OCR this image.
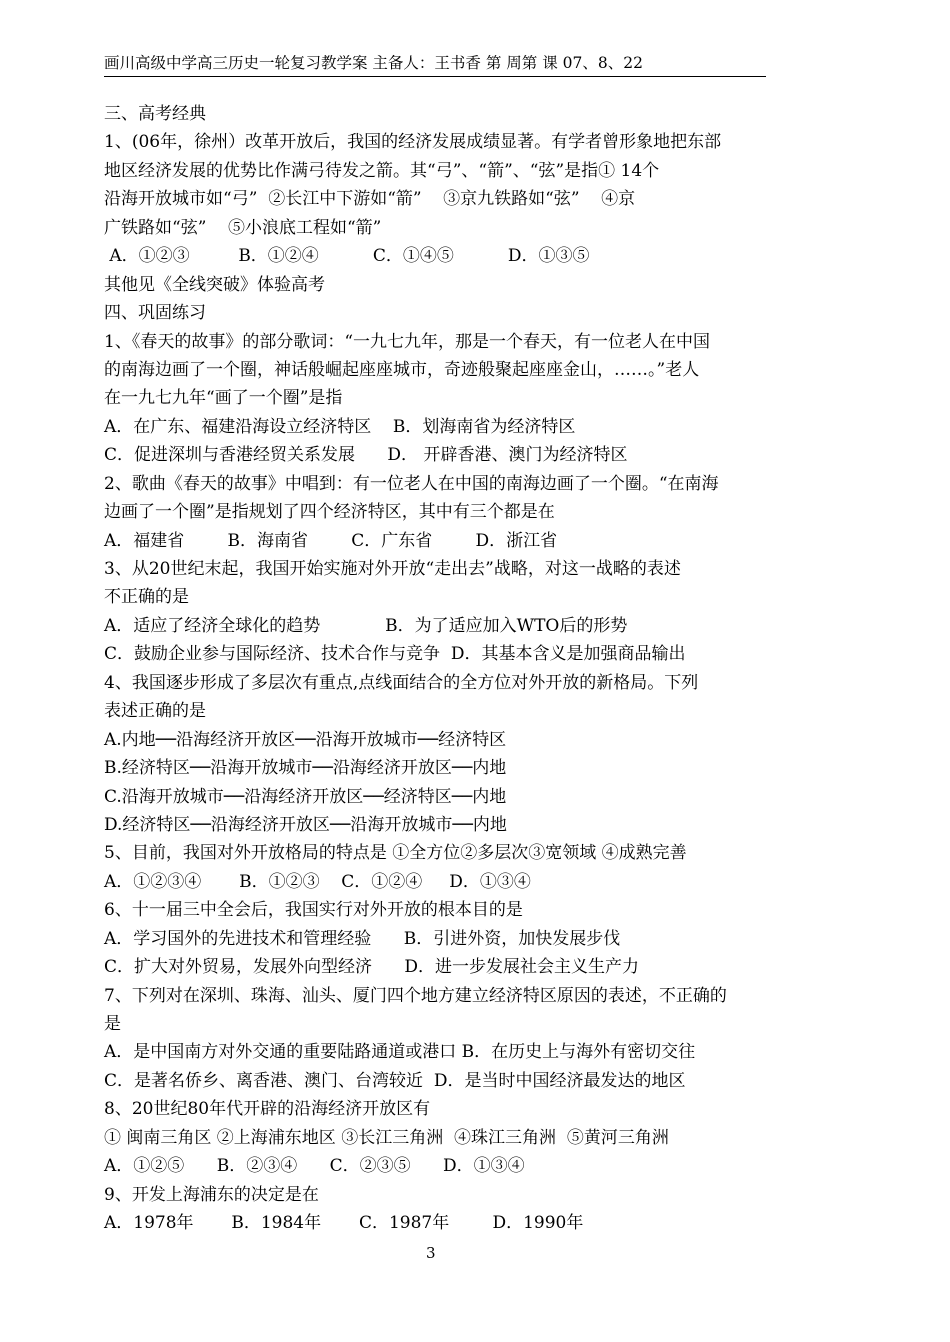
画川高级中学高三历史一轮复习教学案 主备人：王书香 第 周第 课 07、8、22
三、高考经典
1、(06年，徐州）改革开放后，我国的经济发展成绩显著。有学者曾形象地把东部
地区经济发展的优势比作满弓待发之箭。其“弓”、“箭”、“弦”是指① 14个
沿海开放城市如“弓”  ②长江中下游如“箭”    ③京九铁路如“弦”    ④京
广铁路如“弦”    ⑤小浪底工程如“箭”
A．①②③         B．①②④          C．①④⑤          D．①③⑤
其他见《全线突破》体验高考
四、巩固练习
1、《春天的故事》的部分歌词：“一九七九年，那是一个春天，有一位老人在中国
的南海边画了一个圈，神话般崛起座座城市，奇迹般聚起座座金山，……。”老人
在一九七九年“画了一个圈”是指
A．在广东、福建沿海设立经济特区    B．划海南省为经济特区
C．促进深圳与香港经贸关系发展      D． 开辟香港、澳门为经济特区
2、歌曲《春天的故事》中唱到：有一位老人在中国的南海边画了一个圈。“在南海
边画了一个圈”是指规划了四个经济特区，其中有三个都是在
A．福建省        B．海南省        C．广东省        D．浙江省
3、从20世纪末起，我国开始实施对外开放“走出去”战略，对这一战略的表述
不正确的是
A．适应了经济全球化的趋势            B．为了适应加入WTO后的形势
C．鼓励企业参与国际经济、技术合作与竞争  D．其基本含义是加强商品输出
4、我国逐步形成了多层次有重点,点线面结合的全方位对外开放的新格局。下列
表述正确的是
A.内地──沿海经济开放区──沿海开放城市──经济特区
B.经济特区──沿海开放城市──沿海经济开放区──内地
C.沿海开放城市──沿海经济开放区──经济特区──内地
D.经济特区──沿海经济开放区──沿海开放城市──内地
5、目前，我国对外开放格局的特点是 ①全方位②多层次③宽领域 ④成熟完善
A．①②③④       B．①②③    C．①②④     D．①③④
6、十一届三中全会后，我国实行对外开放的根本目的是
A．学习国外的先进技术和管理经验      B．引进外资，加快发展步伐
C．扩大对外贸易，发展外向型经济      D．进一步发展社会主义生产力
7、下列对在深圳、珠海、汕头、厦门四个地方建立经济特区原因的表述，不正确的
是
A．是中国南方对外交通的重要陆路通道或港口 B．在历史上与海外有密切交往
C．是著名侨乡、离香港、澳门、台湾较近  D．是当时中国经济最发达的地区
8、20世纪80年代开辟的沿海经济开放区有
① 闽南三角区 ②上海浦东地区 ③长江三角洲  ④珠江三角洲  ⑤黄河三角洲
A．①②⑤      B．②③④      C．②③⑤      D．①③④
9、开发上海浦东的决定是在
A．1978年       B．1984年       C．1987年        D．1990年
3
